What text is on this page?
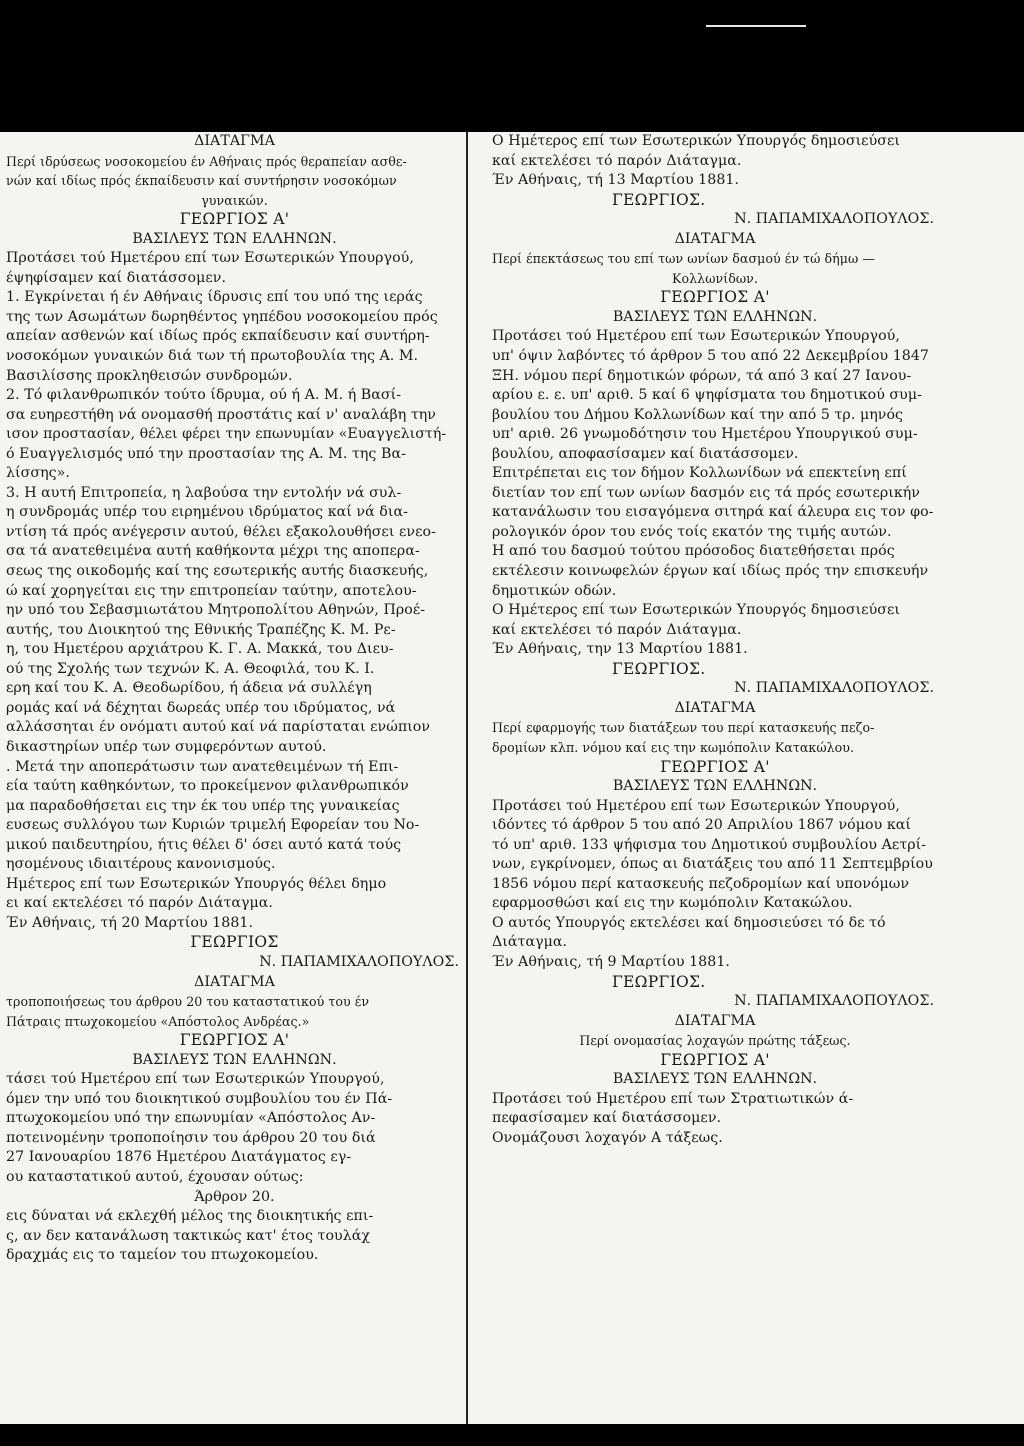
ΔΙΑΤΑΓΜΑ
Περί ιδρύσεως νοσοκομείου έν Αθήναις πρός θεραπείαν ασθε-
νών καί ιδίως πρός έκπαίδευσιν καί συντήρησιν νοσοκόμων
γυναικών.
ΓΕΩΡΓΙΟΣ Α'
ΒΑΣΙΛΕΥΣ ΤΩΝ ΕΛΛΗΝΩΝ.
Προτάσει τού Ημετέρου επί των Εσωτερικών Υπουργού,
έψηφίσαμεν καί διατάσσομεν.
1. Εγκρίνεται ή έν Αθήναις ίδρυσις επί του υπό της ιεράς
της των Ασωμάτων δωρηθέντος γηπέδου νοσοκομείου πρός
απείαν ασθενών καί ιδίως πρός εκπαίδευσιν καί συντήρη-
νοσοκόμων γυναικών διά των τή πρωτοβουλία της Α. Μ.
Βασιλίσσης προκληθεισών συνδρομών.
2. Τό φιλανθρωπικόν τούτο ίδρυμα, ού ή Α. Μ. ή Βασί-
σα ευηρεστήθη νά ονομασθή προστάτις καί ν' αναλάβη την
ισον προστασίαν, θέλει φέρει την επωνυμίαν «Ευαγγελιστή-
ό Ευαγγελισμός υπό την προστασίαν της Α. Μ. της Βα-
λίσσης».
3. Η αυτή Επιτροπεία, η λαβούσα την εντολήν νά συλ-
η συνδρομάς υπέρ του ειρημένου ιδρύματος καί νά δια-
ντίση τά πρός ανέγερσιν αυτού, θέλει εξακολουθήσει ενεο-
σα τά ανατεθειμένα αυτή καθήκοντα μέχρι της αποπερα-
σεως της οικοδομής καί της εσωτερικής αυτής διασκευής,
ώ καί χορηγείται εις την επιτροπείαν ταύτην, αποτελου-
ην υπό του Σεβασμιωτάτου Μητροπολίτου Αθηνών, Προέ-
αυτής, του Διοικητού της Εθνικής Τραπέζης Κ. Μ. Ρε-
η, του Ημετέρου αρχιάτρου Κ. Γ. Α. Μακκά, του Διευ-
ού της Σχολής των τεχνών Κ. Α. Θεοφιλά, του Κ. Ι.
ερη καί του Κ. Α. Θεοδωρίδου, ή άδεια νά συλλέγη
ρομάς καί νά δέχηται δωρεάς υπέρ του ιδρύματος, νά
αλλάσσηται έν ονόματι αυτού καί νά παρίσταται ενώπιον
δικαστηρίων υπέρ των συμφερόντων αυτού.
. Μετά την αποπεράτωσιν των ανατεθειμένων τή Επι-
εία ταύτη καθηκόντων, το προκείμενον φιλανθρωπικόν
μα παραδοθήσεται εις την έκ του υπέρ της γυναικείας
ευσεως συλλόγου των Κυριών τριμελή Εφορείαν του Νο-
μικού παιδευτηρίου, ήτις θέλει δ' όσει αυτό κατά τούς
ησομένους ιδιαιτέρους κανονισμούς.
Ημέτερος επί των Εσωτερικών Υπουργός θέλει δημο
ει καί εκτελέσει τό παρόν Διάταγμα.
Έν Αθήναις, τή 20 Μαρτίου 1881.
ΓΕΩΡΓΙΟΣ
Ν. ΠΑΠΑΜΙΧΑΛΟΠΟΥΛΟΣ.
ΔΙΑΤΑΓΜΑ
τροποποιήσεως του άρθρου 20 του καταστατικού του έν
Πάτραις πτωχοκομείου «Απόστολος Ανδρέας.»
ΓΕΩΡΓΙΟΣ Α'
ΒΑΣΙΛΕΥΣ ΤΩΝ ΕΛΛΗΝΩΝ.
τάσει τού Ημετέρου επί των Εσωτερικών Υπουργού,
όμεν την υπό του διοικητικού συμβουλίου του έν Πά-
πτωχοκομείου υπό την επωνυμίαν «Απόστολος Αν-
ποτεινομένην τροποποίησιν του άρθρου 20 του διά
27 Ιανουαρίου 1876 Ημετέρου Διατάγματος εγ-
ου καταστατικού αυτού, έχουσαν ούτως:
Άρθρον 20.
εις δύναται νά εκλεχθή μέλος της διοικητικής επι-
ς, αν δεν κατανάλωση τακτικώς κατ' έτος τουλάχ
δραχμάς εις το ταμείον του πτωχοκομείου.
Ο Ημέτερος επί των Εσωτερικών Υπουργός δημοσιεύσει
καί εκτελέσει τό παρόν Διάταγμα.
Έν Αθήναις, τή 13 Μαρτίου 1881.
ΓΕΩΡΓΙΟΣ.
Ν. ΠΑΠΑΜΙΧΑΛΟΠΟΥΛΟΣ.
ΔΙΑΤΑΓΜΑ
Περί έπεκτάσεως του επί των ωνίων δασμού έν τώ δήμω —
Κολλωνίδων.
ΓΕΩΡΓΙΟΣ Α'
ΒΑΣΙΛΕΥΣ ΤΩΝ ΕΛΛΗΝΩΝ.
Προτάσει τού Ημετέρου επί των Εσωτερικών Υπουργού,
υπ' όψιν λαβόντες τό άρθρον 5 του από 22 Δεκεμβρίου 1847
ΞΗ. νόμου περί δημοτικών φόρων, τά από 3 καί 27 Ιανου-
αρίου ε. ε. υπ' αριθ. 5 καί 6 ψηφίσματα του δημοτικού συμ-
βουλίου του Δήμου Κολλωνίδων καί την από 5 τρ. μηνός
υπ' αριθ. 26 γνωμοδότησιν του Ημετέρου Υπουργικού συμ-
βουλίου, αποφασίσαμεν καί διατάσσομεν.
Επιτρέπεται εις τον δήμον Κολλωνίδων νά επεκτείνη επί
διετίαν τον επί των ωνίων δασμόν εις τά πρός εσωτερικήν
κατανάλωσιν του εισαγόμενα σιτηρά καί άλευρα εις τον φο-
ρολογικόν όρον του ενός τοίς εκατόν της τιμής αυτών.
Η από του δασμού τούτου πρόσοδος διατεθήσεται πρός
εκτέλεσιν κοινωφελών έργων καί ιδίως πρός την επισκευήν
δημοτικών οδών.
Ο Ημέτερος επί των Εσωτερικών Υπουργός δημοσιεύσει
καί εκτελέσει τό παρόν Διάταγμα.
Έν Αθήναις, την 13 Μαρτίου 1881.
ΓΕΩΡΓΙΟΣ.
Ν. ΠΑΠΑΜΙΧΑΛΟΠΟΥΛΟΣ.
ΔΙΑΤΑΓΜΑ
Περί εφαρμογής των διατάξεων του περί κατασκευής πεζο-
δρομίων κλπ. νόμου καί εις την κωμόπολιν Κατακώλου.
ΓΕΩΡΓΙΟΣ Α'
ΒΑΣΙΛΕΥΣ ΤΩΝ ΕΛΛΗΝΩΝ.
Προτάσει τού Ημετέρου επί των Εσωτερικών Υπουργού,
ιδόντες τό άρθρον 5 του από 20 Απριλίου 1867 νόμου καί
τό υπ' αριθ. 133 ψήφισμα του Δημοτικού συμβουλίου Αετρί-
νων, εγκρίνομεν, όπως αι διατάξεις του από 11 Σεπτεμβρίου
1856 νόμου περί κατασκευής πεζοδρομίων καί υπονόμων
εφαρμοσθώσι καί εις την κωμόπολιν Κατακώλου.
Ο αυτός Υπουργός εκτελέσει καί δημοσιεύσει τό δε τό
Διάταγμα.
Έν Αθήναις, τή 9 Μαρτίου 1881.
ΓΕΩΡΓΙΟΣ.
Ν. ΠΑΠΑΜΙΧΑΛΟΠΟΥΛΟΣ.
ΔΙΑΤΑΓΜΑ
Περί ονομασίας λοχαγών πρώτης τάξεως.
ΓΕΩΡΓΙΟΣ Α'
ΒΑΣΙΛΕΥΣ ΤΩΝ ΕΛΛΗΝΩΝ.
Προτάσει τού Ημετέρου επί των Στρατιωτικών ά-
πεφασίσαμεν καί διατάσσομεν.
Ονομάζουσι λοχαγόν Α τάξεως.
